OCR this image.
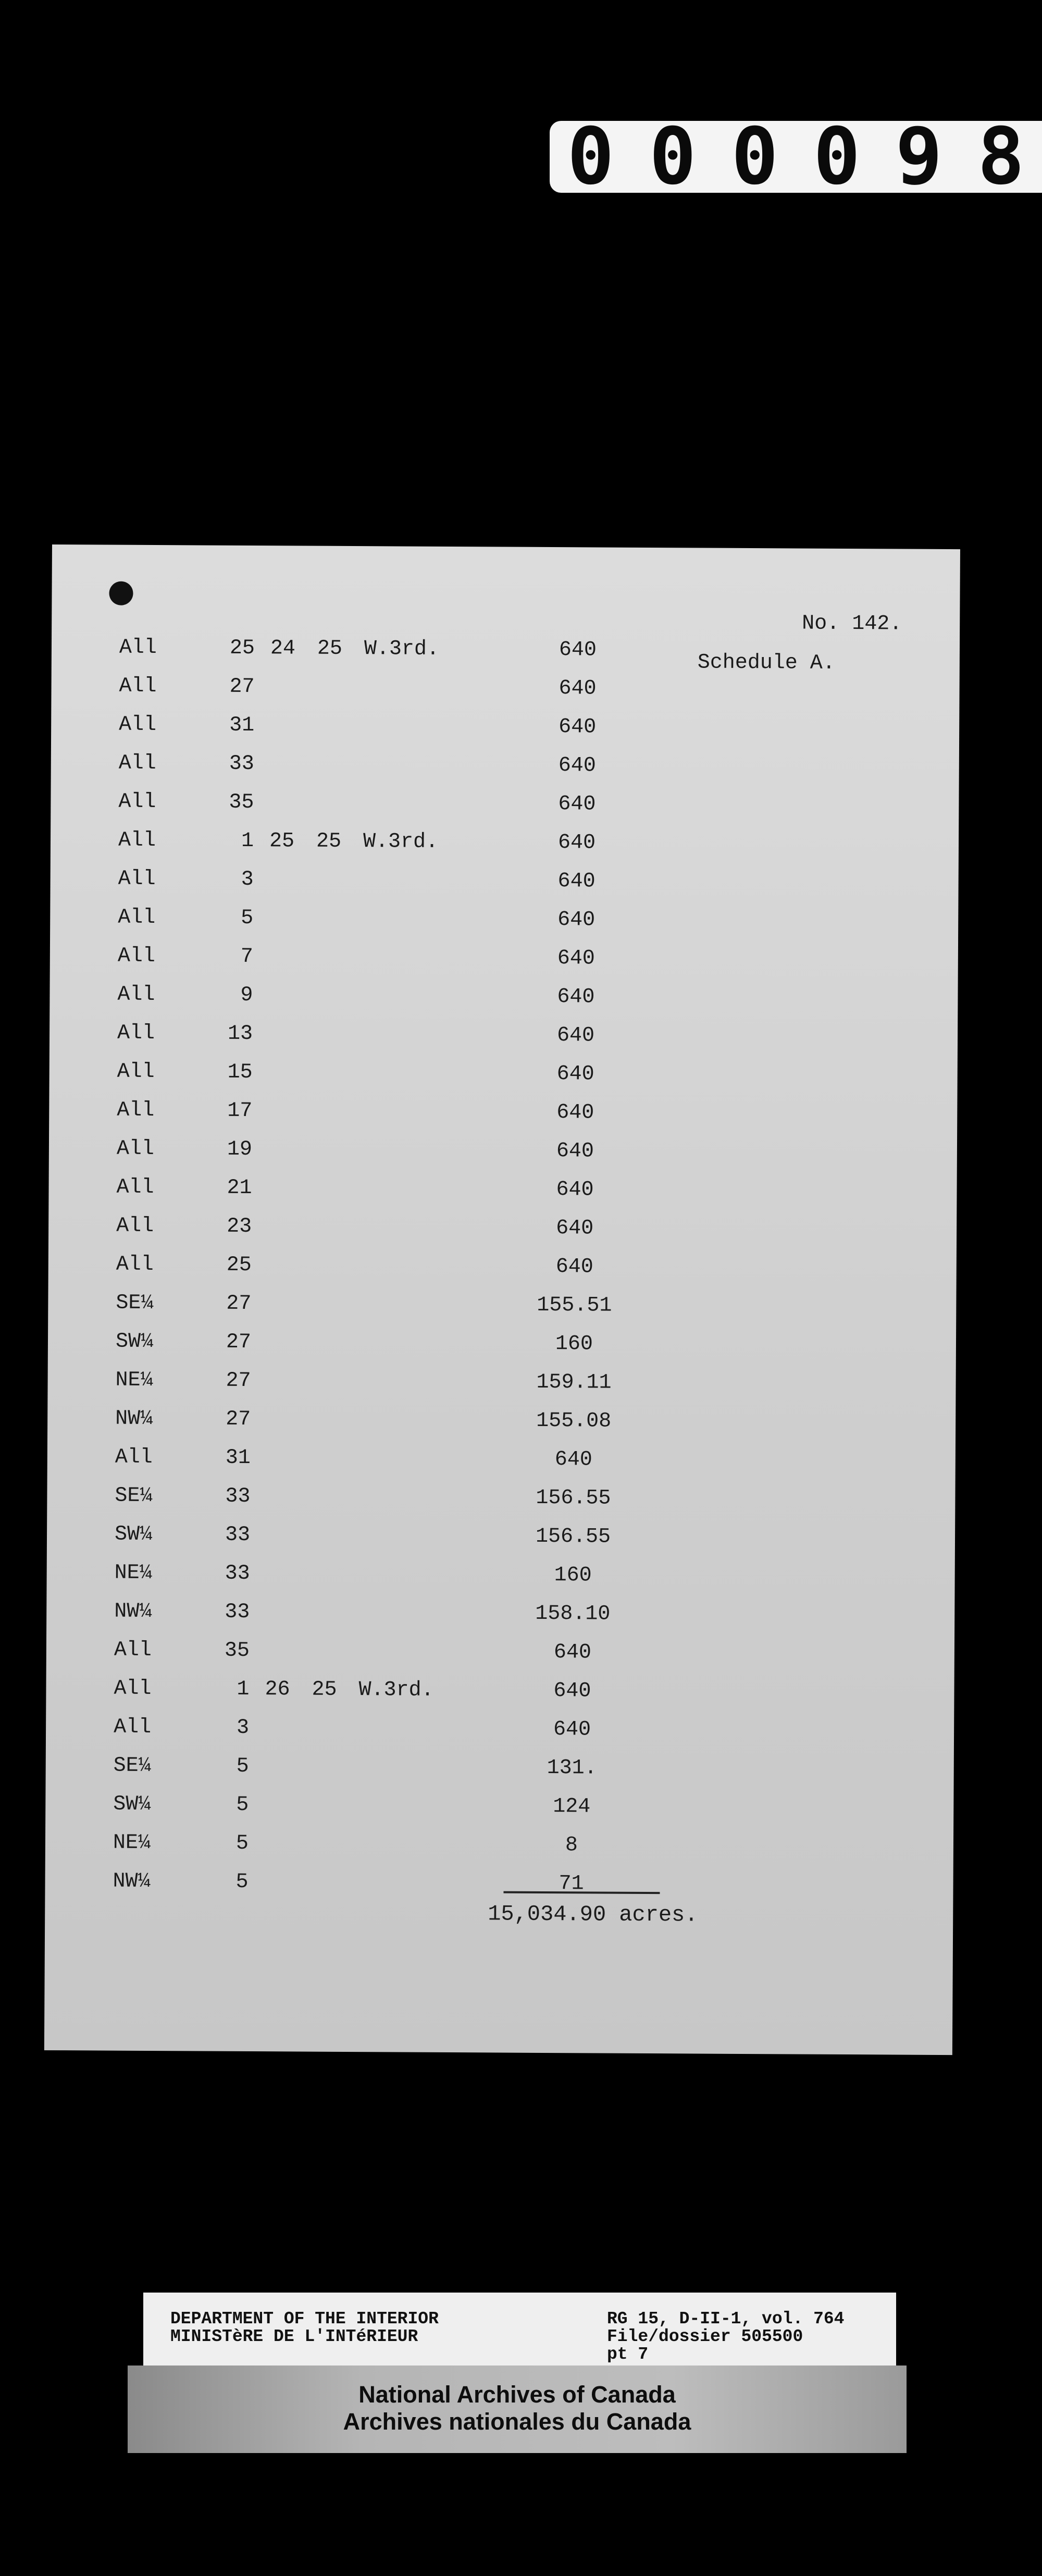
0 0 0 0 9 8
No. 142.
Schedule A.
All	25 24 25 W.3rd.	640
All	27	640
All	31	640
All	33	640
All	35	640
All	1 25 25 W.3rd.	640
All	3	640
All	5	640
All	7	640
All	9	640
All	13	640
All	15	640
All	17	640
All	19	640
All	21	640
All	23	640
All	25	640
SE¼	27	155.51
SW¼	27	160
NE¼	27	159.11
NW¼	27	155.08
All	31	640
SE¼	33	156.55
SW¼	33	156.55
NE¼	33	160
NW¼	33	158.10
All	35	640
All	1 26 25 W.3rd.	640
All	3	640
SE¼	5	131.
SW¼	5	124
NE¼	5	8
NW¼	5	71
15,034.90 acres.
DEPARTMENT OF THE INTERIOR
MINISTèRE DE L'INTéRIEUR
RG 15, D-II-1, vol. 764
File/dossier 505500
pt 7
National Archives of Canada
Archives nationales du Canada
